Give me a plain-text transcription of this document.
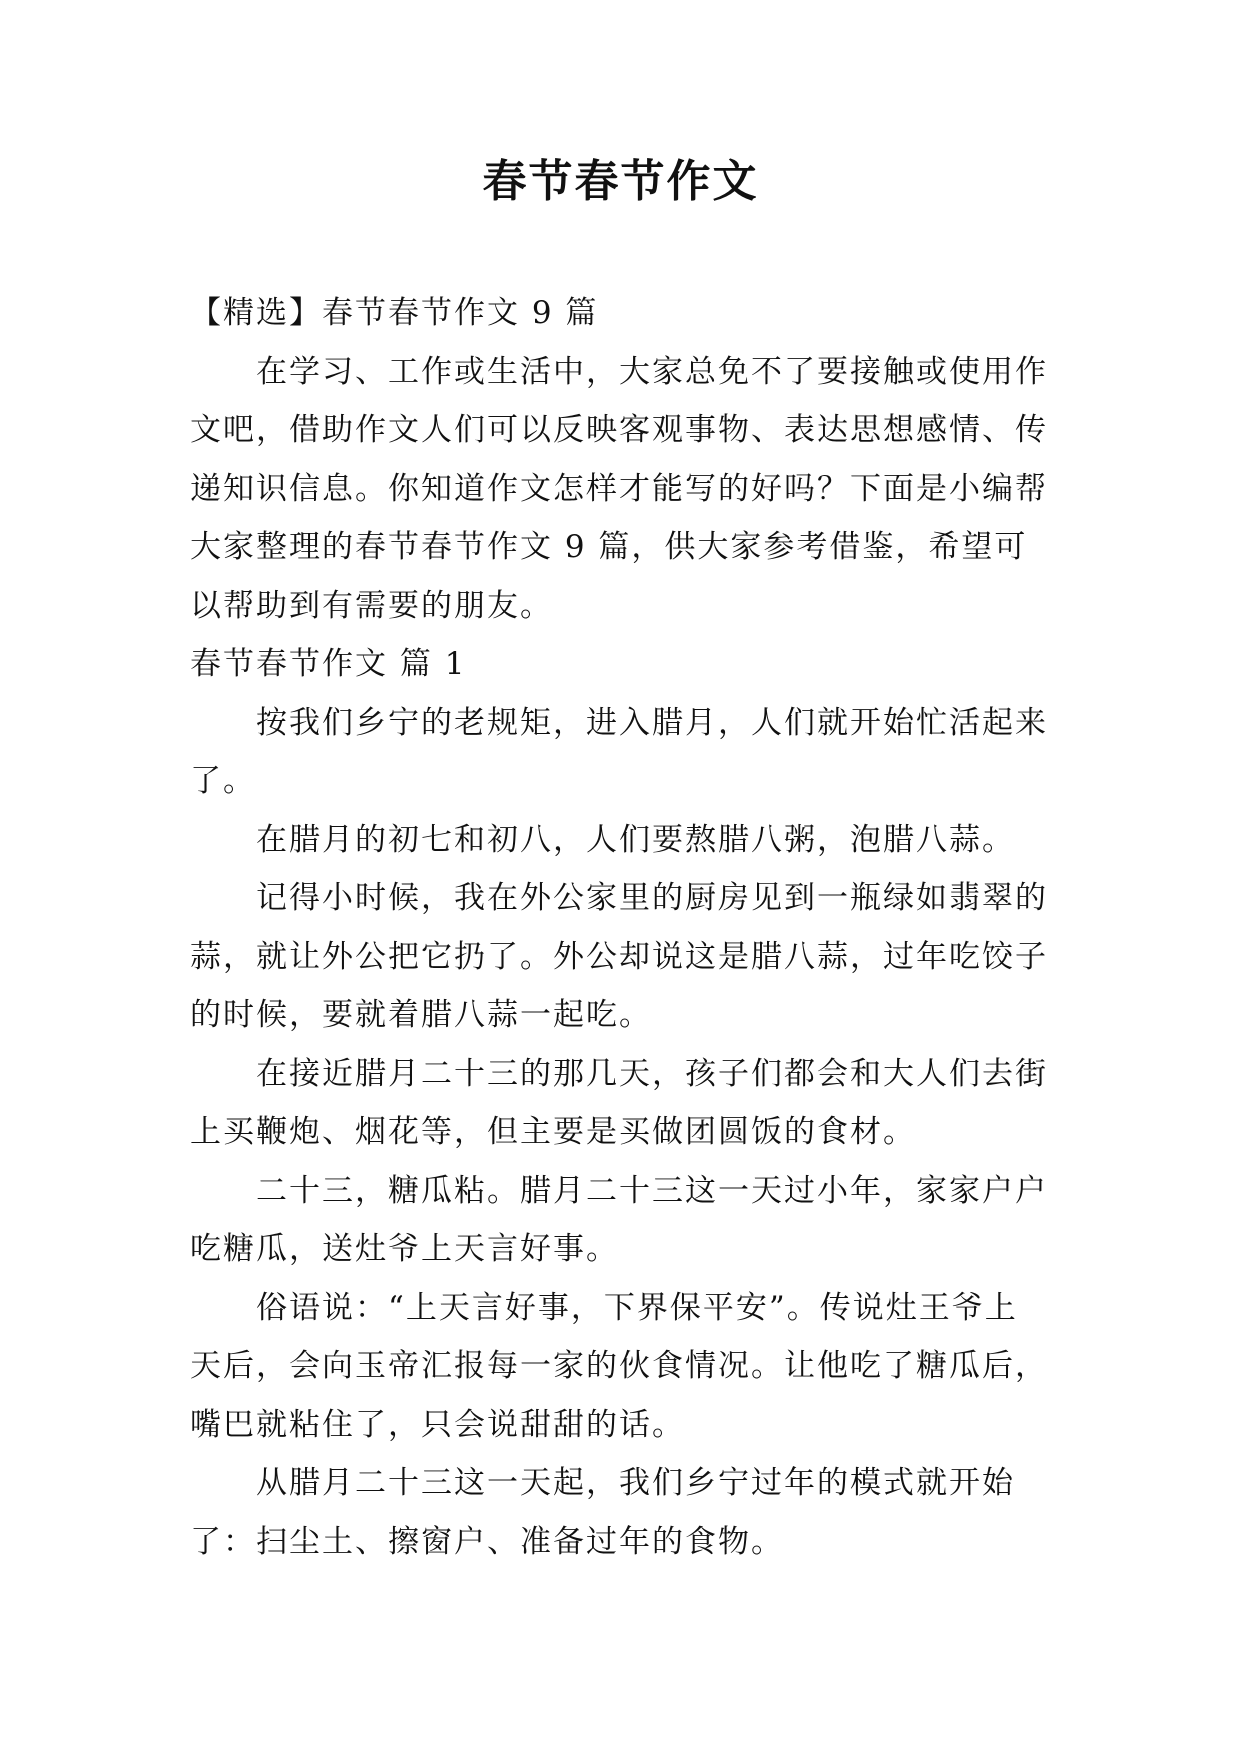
春节春节作文

【精选】春节春节作文 9 篇

在学习、工作或生活中，大家总免不了要接触或使用作文吧，借助作文人们可以反映客观事物、表达思想感情、传递知识信息。你知道作文怎样才能写的好吗？下面是小编帮大家整理的春节春节作文 9 篇，供大家参考借鉴，希望可以帮助到有需要的朋友。

春节春节作文 篇 1

按我们乡宁的老规矩，进入腊月，人们就开始忙活起来了。

在腊月的初七和初八，人们要熬腊八粥，泡腊八蒜。

记得小时候，我在外公家里的厨房见到一瓶绿如翡翠的蒜，就让外公把它扔了。外公却说这是腊八蒜，过年吃饺子的时候，要就着腊八蒜一起吃。

在接近腊月二十三的那几天，孩子们都会和大人们去街上买鞭炮、烟花等，但主要是买做团圆饭的食材。

二十三，糖瓜粘。腊月二十三这一天过小年，家家户户吃糖瓜，送灶爷上天言好事。

俗语说：“上天言好事，下界保平安”。传说灶王爷上天后，会向玉帝汇报每一家的伙食情况。让他吃了糖瓜后，嘴巴就粘住了，只会说甜甜的话。

从腊月二十三这一天起，我们乡宁过年的模式就开始了：扫尘土、擦窗户、准备过年的食物。
